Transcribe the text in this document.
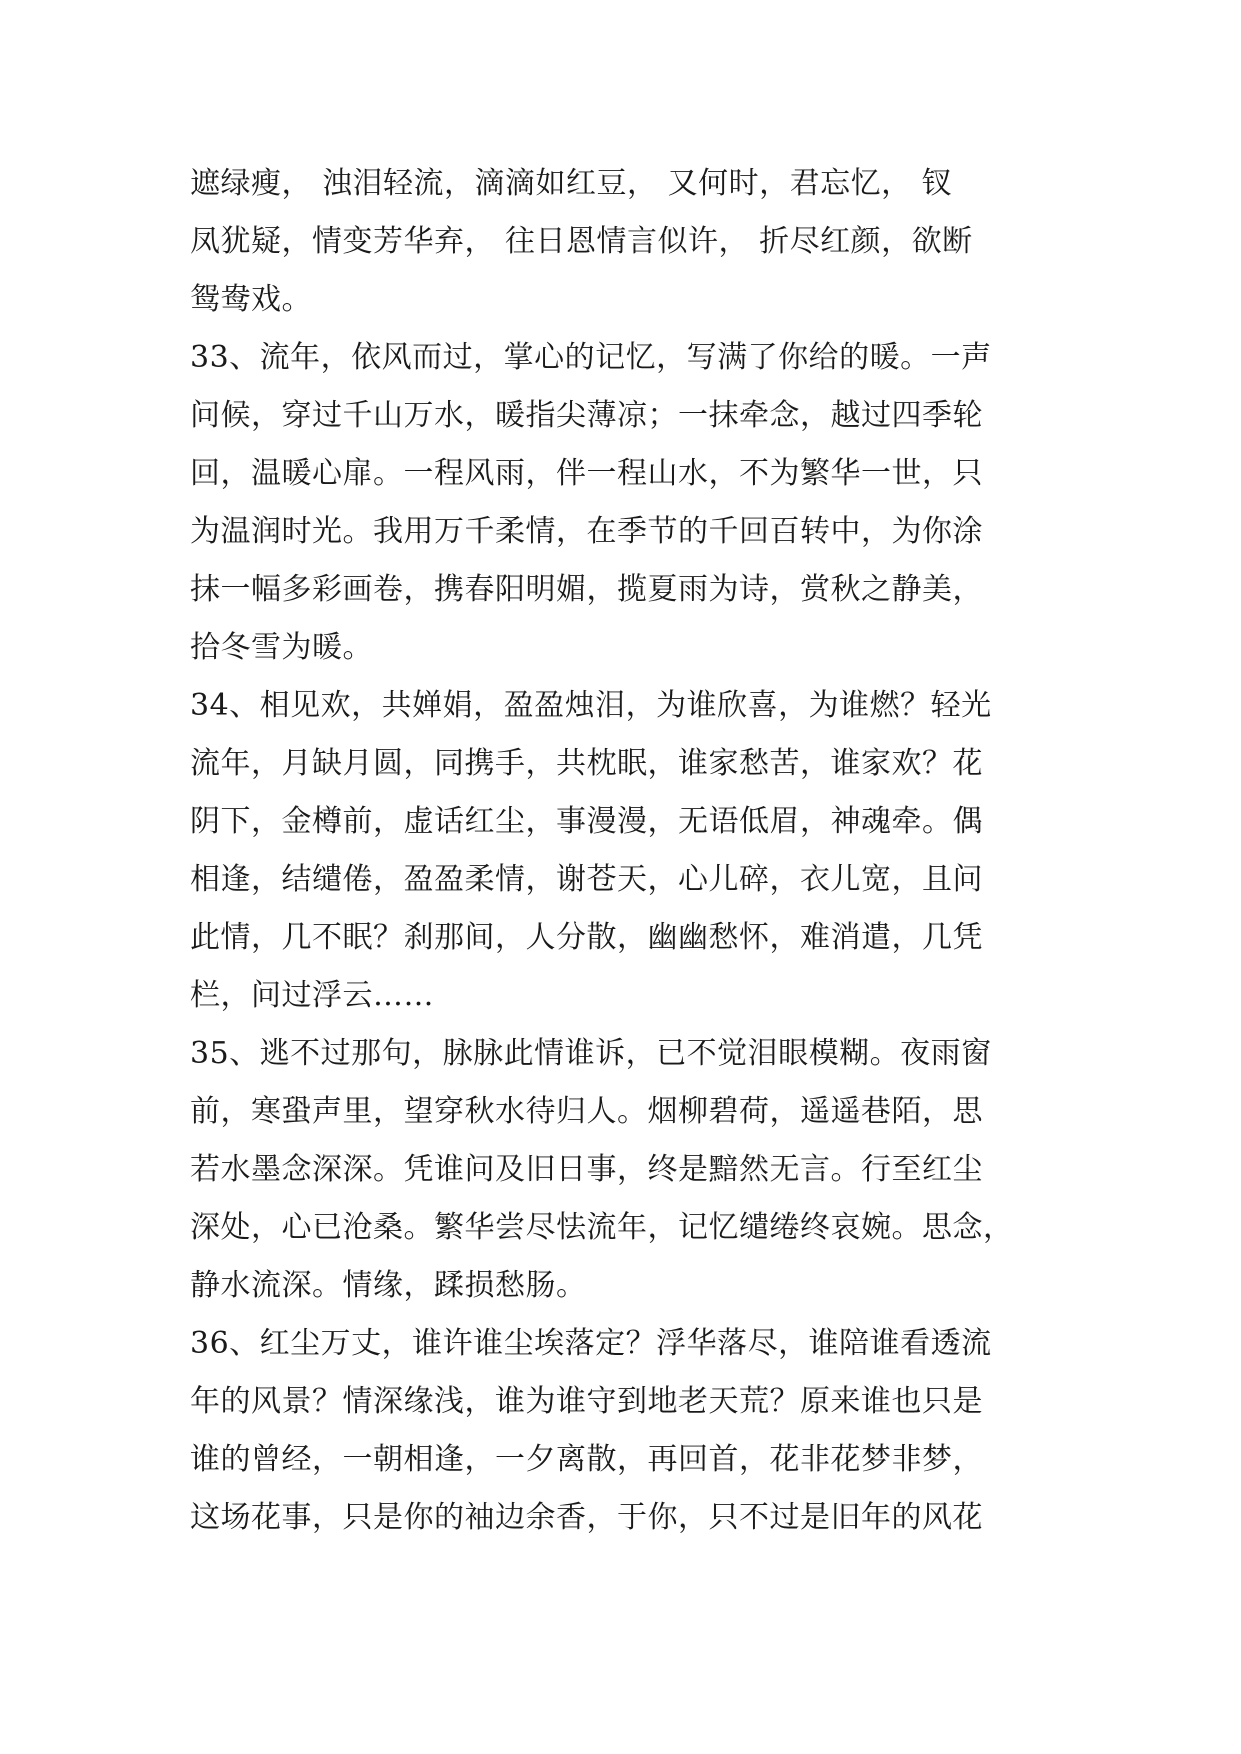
遮绿瘦， 浊泪轻流，滴滴如红豆， 又何时，君忘忆， 钗
凤犹疑，情变芳华弃， 往日恩情言似许， 折尽红颜，欲断
鸳鸯戏。
33、流年，依风而过，掌心的记忆，写满了你给的暖。一声
问候，穿过千山万水，暖指尖薄凉；一抹牵念，越过四季轮
回，温暖心扉。一程风雨，伴一程山水，不为繁华一世，只
为温润时光。我用万千柔情，在季节的千回百转中，为你涂
抹一幅多彩画卷，携春阳明媚，揽夏雨为诗，赏秋之静美，
拾冬雪为暖。
34、相见欢，共婵娟，盈盈烛泪，为谁欣喜，为谁燃？轻光
流年，月缺月圆，同携手，共枕眠，谁家愁苦，谁家欢？花
阴下，金樽前，虚话红尘，事漫漫，无语低眉，神魂牵。偶
相逢，结缱倦，盈盈柔情，谢苍天，心儿碎，衣儿宽，且问
此情，几不眠？刹那间，人分散，幽幽愁怀，难消遣，几凭
栏，问过浮云……
35、逃不过那句，脉脉此情谁诉，已不觉泪眼模糊。夜雨窗
前，寒蛩声里，望穿秋水待归人。烟柳碧荷，遥遥巷陌，思
若水墨念深深。凭谁问及旧日事，终是黯然无言。行至红尘
深处，心已沧桑。繁华尝尽怯流年，记忆缱绻终哀婉。思念，
静水流深。情缘，蹂损愁肠。
36、红尘万丈，谁许谁尘埃落定？浮华落尽，谁陪谁看透流
年的风景？情深缘浅，谁为谁守到地老天荒？原来谁也只是
谁的曾经，一朝相逢，一夕离散，再回首，花非花梦非梦，
这场花事，只是你的袖边余香，于你，只不过是旧年的风花
